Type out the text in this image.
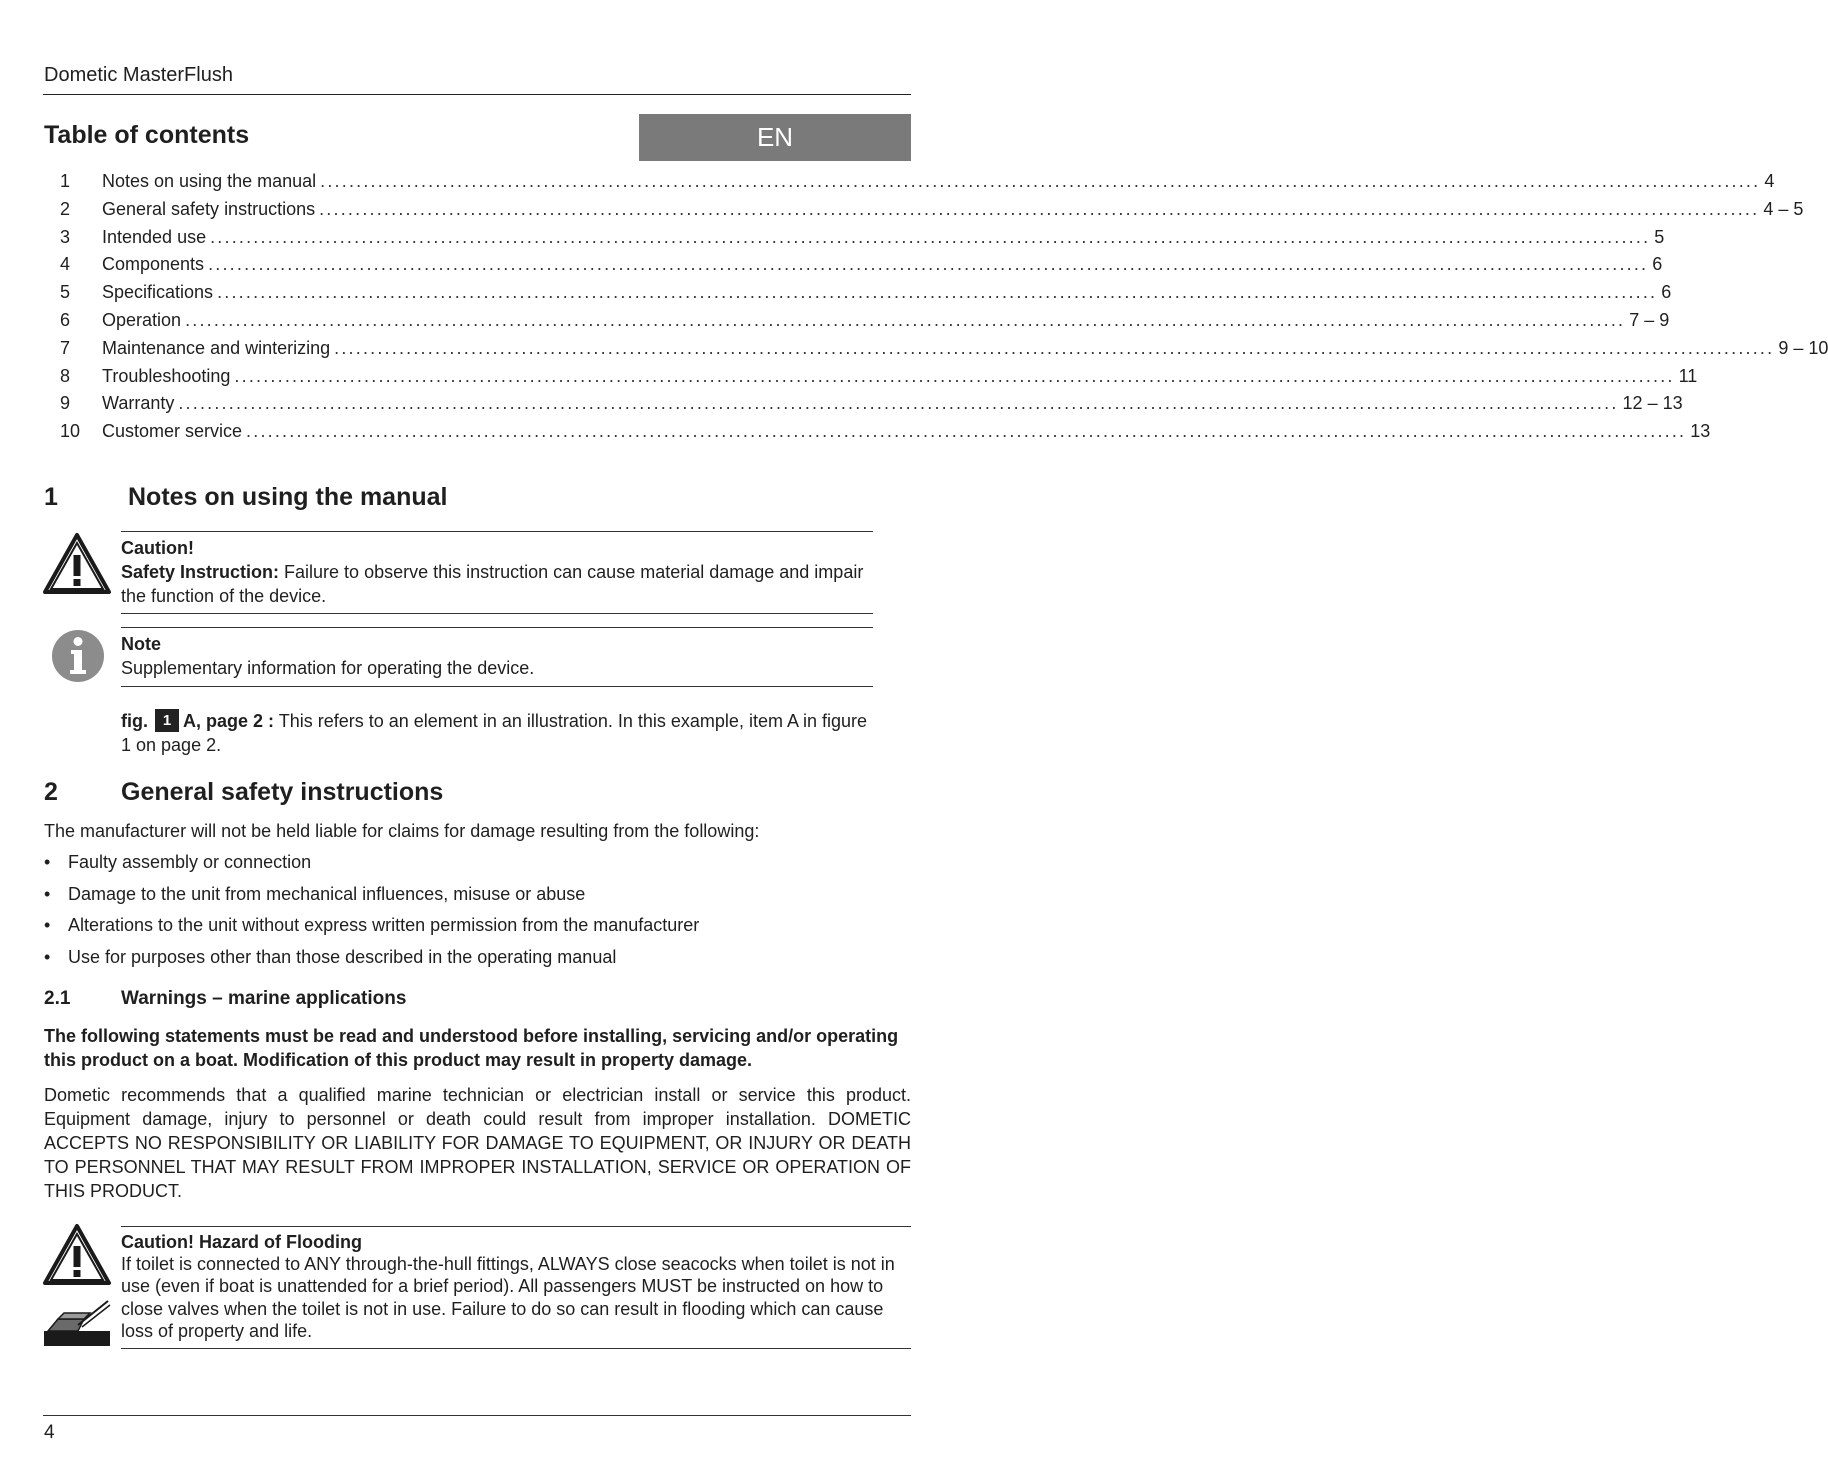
Dometic MasterFlush
Table of contents	EN
1	Notes on using the manual ........................................................................................................................................................................................................ 4
2	General safety instructions ........................................................................................................................................................................................................ 4 – 5
3	Intended use ........................................................................................................................................................................................................ 5
4	Components ........................................................................................................................................................................................................ 6
5	Specifications ........................................................................................................................................................................................................ 6
6	Operation ........................................................................................................................................................................................................ 7 – 9
7	Maintenance and winterizing ........................................................................................................................................................................................................ 9 – 10
8	Troubleshooting ........................................................................................................................................................................................................ 11
9	Warranty ........................................................................................................................................................................................................ 12 – 13
10	Customer service ........................................................................................................................................................................................................ 13
1	Notes on using the manual
Caution!
Safety Instruction: Failure to observe this instruction can cause material damage and impair the function of the device.
Note
Supplementary information for operating the device.
fig. 1 A, page 2 : This refers to an element in an illustration. In this example, item A in figure 1 on page 2.
2	General safety instructions
The manufacturer will not be held liable for claims for damage resulting from the following:
• Faulty assembly or connection
• Damage to the unit from mechanical influences, misuse or abuse
• Alterations to the unit without express written permission from the manufacturer
• Use for purposes other than those described in the operating manual
2.1	Warnings – marine applications
The following statements must be read and understood before installing, servicing and/or operating this product on a boat. Modification of this product may result in property damage.
Dometic recommends that a qualified marine technician or electrician install or service this product. Equipment damage, injury to personnel or death could result from improper installation. DOMETIC ACCEPTS NO RESPONSIBILITY OR LIABILITY FOR DAMAGE TO EQUIPMENT, OR INJURY OR DEATH TO PERSONNEL THAT MAY RESULT FROM IMPROPER INSTALLATION, SERVICE OR OPERATION OF THIS PRODUCT.
Caution! Hazard of Flooding
If toilet is connected to ANY through-the-hull fittings, ALWAYS close seacocks when toilet is not in use (even if boat is unattended for a brief period). All passengers MUST be instructed on how to close valves when the toilet is not in use. Failure to do so can result in flooding which can cause loss of property and life.
4
